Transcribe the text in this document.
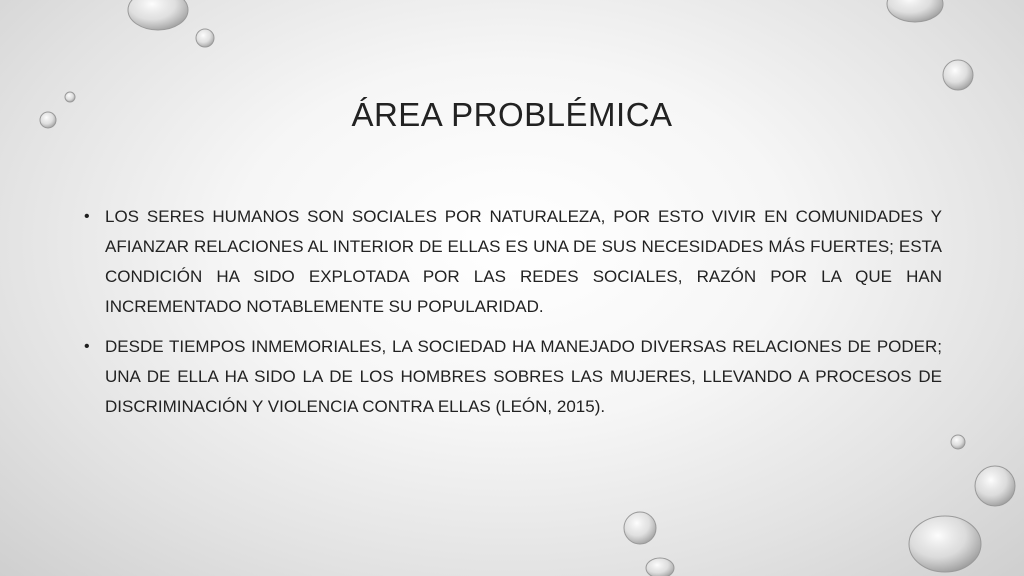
ÁREA PROBLÉMICA
• LOS SERES HUMANOS SON SOCIALES POR NATURALEZA, POR ESTO VIVIR EN COMUNIDADES Y AFIANZAR RELACIONES AL INTERIOR DE ELLAS ES UNA DE SUS NECESIDADES MÁS FUERTES; ESTA CONDICIÓN HA SIDO EXPLOTADA POR LAS REDES SOCIALES, RAZÓN POR LA QUE HAN INCREMENTADO NOTABLEMENTE SU POPULARIDAD.
• DESDE TIEMPOS INMEMORIALES, LA SOCIEDAD HA MANEJADO DIVERSAS RELACIONES DE PODER; UNA DE ELLA HA SIDO LA DE LOS HOMBRES SOBRES LAS MUJERES, LLEVANDO A PROCESOS DE DISCRIMINACIÓN Y VIOLENCIA CONTRA ELLAS (LEÓN, 2015).
